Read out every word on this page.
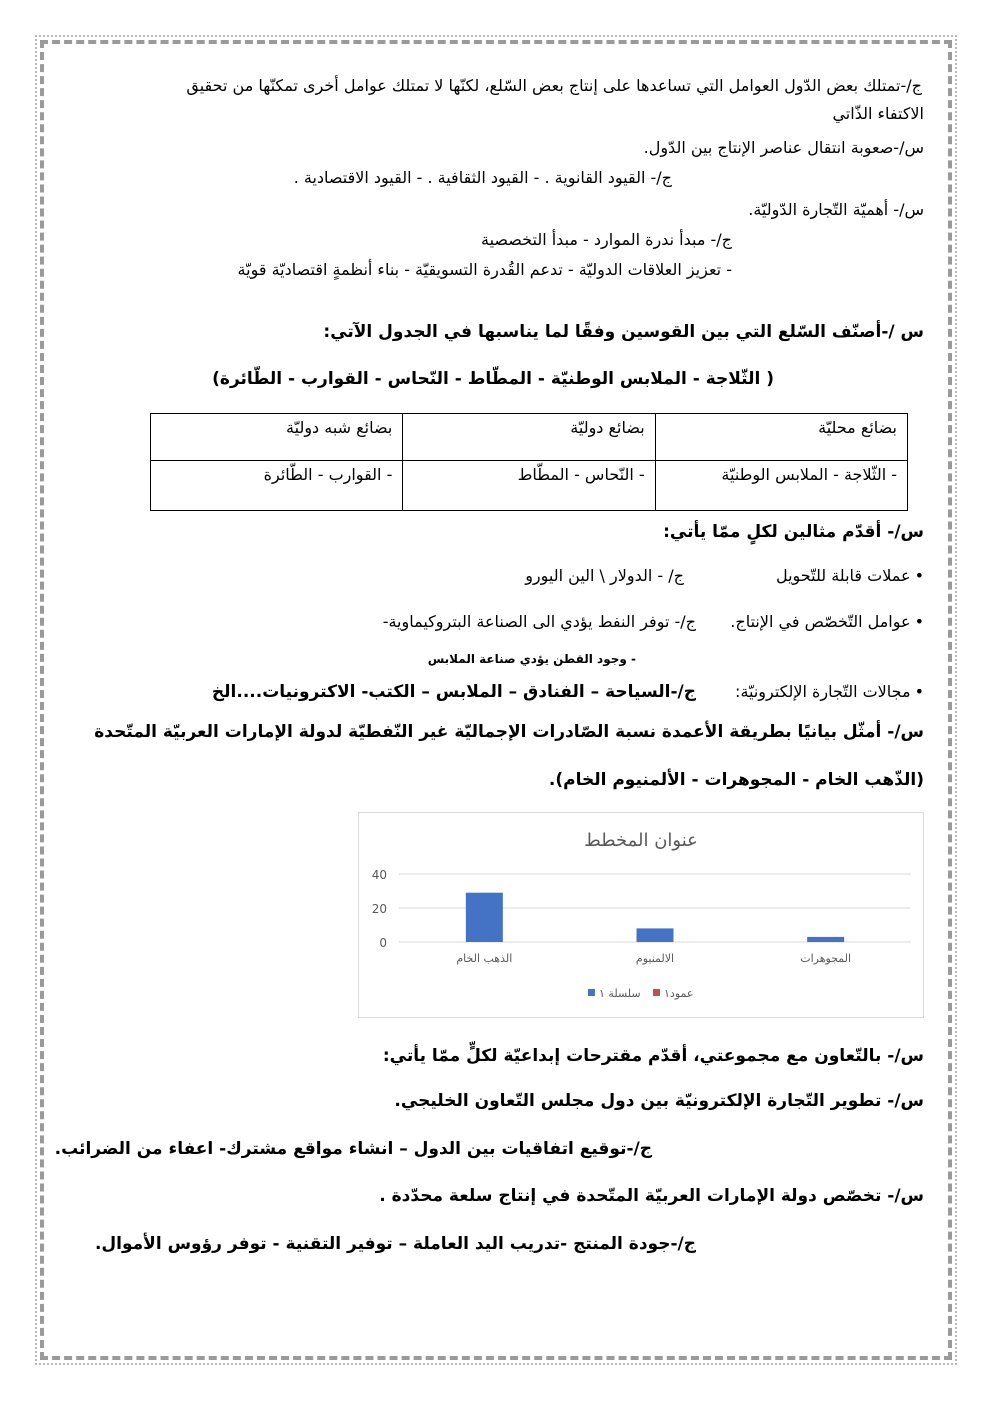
ج/-تمتلك بعض الدّول العوامل التي تساعدها على إنتاج بعض السّلع، لكنّها لا تمتلك عوامل أخرى تمكنّها من تحقيق
الاكتفاء الذّاتي
س/-صعوبة انتقال عناصر الإنتاج بين الدّول.
ج/- القيود القانوية . - القيود الثقافية . - القيود الاقتصادية .
س/- أهميّة التّجارة الدّوليّة.
ج/- مبدأ ندرة الموارد - مبدأ التخصصية
- تعزيز العلاقات الدوليّة - تدعم القُدرة التسويقيّة - بناء أنظمةٍ اقتصاديّة قويّة
س /-أصنّف السّلع التي بين القوسين وفقًا لما يناسبها في الجدول الآتي:
( الثّلاجة - الملابس الوطنيّة - المطّاط - النّحاس - القوارب - الطّائرة)
بضائع محليّة	بضائع دوليّة	بضائع شبه دوليّة
- الثّلاجة - الملابس الوطنيّة	- النّحاس - المطّاط	- القوارب - الطّائرة
س/- أقدّم مثالين لكلٍ ممّا يأتي:
• عملات قابلة للتّحويل
ج/ - الدولار \ الين اليورو
• عوامل التّخصّص في الإنتاج.
ج/- توفر النفط يؤدي الى الصناعة البتروكيماوية-
- وجود القطن يؤدي صناعة الملابس
• مجالات التّجارة الإلكترونيّة:
ج/-السياحة – الفنادق – الملابس – الكتب- الاكترونيات....الخ
س/- أمثّل بيانيًا بطريقة الأعمدة نسبة الصّادرات الإجماليّة غير النّفطيّة لدولة الإمارات العربيّة المتّحدة
(الذّهب الخام - المجوهرات - الألمنيوم الخام).
عنوان المخطط
40
20
0
الذهب الخام	الالمنيوم	المجوهرات
سلسلة ١ عمود١
س/- بالتّعاون مع مجموعتي، أقدّم مقترحات إبداعيّة لكلٍّ ممّا يأتي:
س/- تطوير التّجارة الإلكترونيّة بين دول مجلس التّعاون الخليجي.
ج/-توقيع اتفاقيات بين الدول – انشاء مواقع مشترك- اعفاء من الضرائب.
س/- تخصّص دولة الإمارات العربيّة المتّحدة في إنتاج سلعة محدّدة .
ج/-جودة المنتج -تدريب اليد العاملة – توفير التقنية - توفر رؤوس الأموال.
